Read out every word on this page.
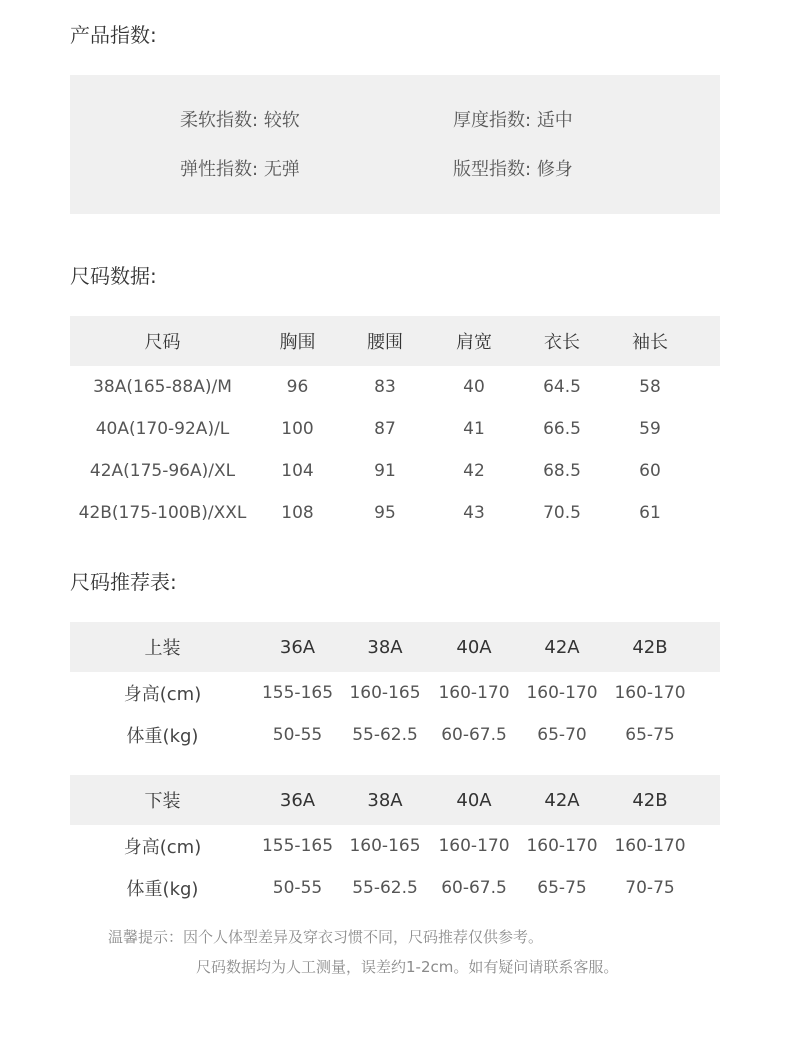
产品指数:
柔软指数: 较软	厚度指数: 适中
弹性指数: 无弹	版型指数: 修身
尺码数据:
尺码	胸围	腰围	肩宽	衣长	袖长
38A(165-88A)/M	96	83	40	64.5	58
40A(170-92A)/L	100	87	41	66.5	59
42A(175-96A)/XL	104	91	42	68.5	60
42B(175-100B)/XXL	108	95	43	70.5	61
尺码推荐表:
上装	36A	38A	40A	42A	42B
身高(cm)	155-165 160-165	160-170 160-170 160-170
体重(kg)	50-55	55-62.5	60-67.5	65-70	65-75
下装	36A	38A	40A	42A	42B
身高(cm)	155-165 160-165	160-170 160-170 160-170
体重(kg)	50-55	55-62.5	60-67.5	65-75	70-75
温馨提示：因个人体型差异及穿衣习惯不同，尺码推荐仅供参考。
尺码数据均为人工测量，误差约1-2cm。如有疑问请联系客服。
